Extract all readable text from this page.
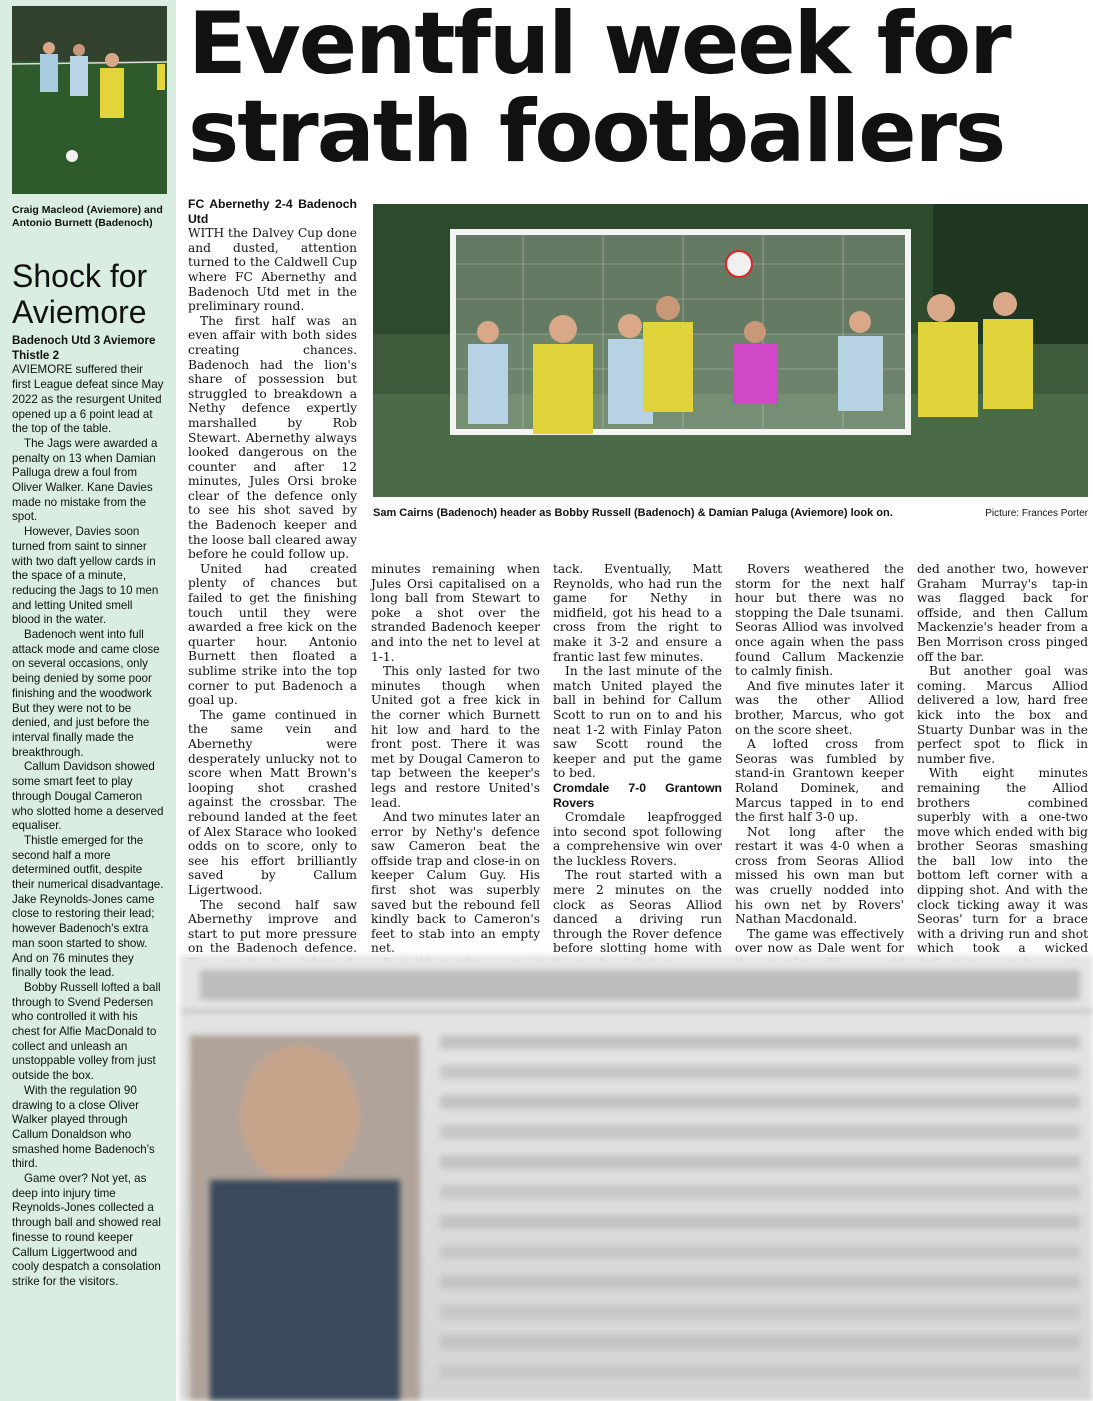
Craig Macleod (Aviemore) and Antonio Burnett (Badenoch)
Shock for Aviemore
Badenoch Utd 3 Aviemore Thistle 2

AVIEMORE suffered their first League defeat since May 2022 as the resurgent United opened up a 6 point lead at the top of the table.

The Jags were awarded a penalty on 13 when Damian Palluga drew a foul from Oliver Walker. Kane Davies made no mistake from the spot.

However, Davies soon turned from saint to sinner with two daft yellow cards in the space of a minute, reducing the Jags to 10 men and letting United smell blood in the water.

Badenoch went into full attack mode and came close on several occasions, only being denied by some poor finishing and the woodwork But they were not to be denied, and just before the interval finally made the breakthrough.

Callum Davidson showed some smart feet to play through Dougal Cameron who slotted home a deserved equaliser.

Thistle emerged for the second half a more determined outfit, despite their numerical disadvantage. Jake Reynolds-Jones came close to restoring their lead; however Badenoch's extra man soon started to show. And on 76 minutes they finally took the lead.

Bobby Russell lofted a ball through to Svend Pedersen who controlled it with his chest for Alfie MacDonald to collect and unleash an unstoppable volley from just outside the box.

With the regulation 90 drawing to a close Oliver Walker played through Callum Donaldson who smashed home Badenoch's third.

Game over? Not yet, as deep into injury time Reynolds-Jones collected a through ball and showed real finesse to round keeper Callum Liggertwood and cooly despatch a consolation strike for the visitors.

Eventful week for
strath footballers
Sam Cairns (Badenoch) header as Bobby Russell (Badenoch) & Damian Paluga (Aviemore) look on.	Picture: Frances Porter
FC Abernethy 2-4 Badenoch Utd

WITH the Dalvey Cup done and dusted, attention turned to the Caldwell Cup where FC Abernethy and Badenoch Utd met in the preliminary round.

The first half was an even affair with both sides creating chances. Badenoch had the lion's share of possession but struggled to breakdown a Nethy defence expertly marshalled by Rob Stewart. Abernethy always looked dangerous on the counter and after 12 minutes, Jules Orsi broke clear of the defence only to see his shot saved by the Badenoch keeper and the loose ball cleared away before he could follow up.

United had created plenty of chances but failed to get the finishing touch until they were awarded a free kick on the quarter hour. Antonio Burnett then floated a sublime strike into the top corner to put Badenoch a goal up.

The game continued in the same vein and Abernethy were desperately unlucky not to score when Matt Brown's looping shot crashed against the crossbar. The rebound landed at the feet of Alex Starace who looked odds on to score, only to see his effort brilliantly saved by Callum Ligertwood.

The second half saw Abernethy improve and start to put more pressure on the Badenoch defence.

minutes remaining when Jules Orsi capitalised on a long ball from Stewart to poke a shot over the stranded Badenoch keeper and into the net to level at 1-1.

This only lasted for two minutes though when United got a free kick in the corner which Burnett hit low and hard to the front post. There it was met by Dougal Cameron to tap between the keeper's legs and restore United's lead.

And two minutes later an error by Nethy's defence saw Cameron beat the offside trap and close-in on keeper Calum Guy. His first shot was superbly saved but the rebound fell kindly back to Cameron's feet to stab into an empty net.

tack. Eventually, Matt Reynolds, who had run the game for Nethy in midfield, got his head to a cross from the right to make it 3-2 and ensure a frantic last few minutes.

In the last minute of the match United played the ball in behind for Callum Scott to run on to and his neat 1-2 with Finlay Paton saw Scott round the keeper and put the game to bed.

Cromdale 7-0 Grantown Rovers

Cromdale leapfrogged into second spot following a comprehensive win over the luckless Rovers.

The rout started with a mere 2 minutes on the clock as Seoras Alliod danced a driving run through the Rover defence before slotting home with

Rovers weathered the storm for the next half hour but there was no stopping the Dale tsunami. Seoras Alliod was involved once again when the pass found Callum Mackenzie to calmly finish.

And five minutes later it was the other Alliod brother, Marcus, who got on the score sheet.

A lofted cross from Seoras was fumbled by stand-in Grantown keeper Roland Dominek, and Marcus tapped in to end the first half 3-0 up.

Not long after the restart it was 4-0 when a cross from Seoras Alliod missed his own man but was cruelly nodded into his own net by Rovers' Nathan Macdonald.

The game was effectively over now as Dale went for

ded another two, however Graham Murray's tap-in was flagged back for offside, and then Callum Mackenzie's header from a Ben Morrison cross pinged off the bar.

But another goal was coming. Marcus Alliod delivered a low, hard free kick into the box and Stuarty Dunbar was in the perfect spot to flick in number five.

With eight minutes remaining the Alliod brothers combined superbly with a one-two move which ended with big brother Seoras smashing the ball low into the bottom left corner with a dipping shot. And with the clock ticking away it was Seoras' turn for a brace with a driving run and shot which took a wicked
